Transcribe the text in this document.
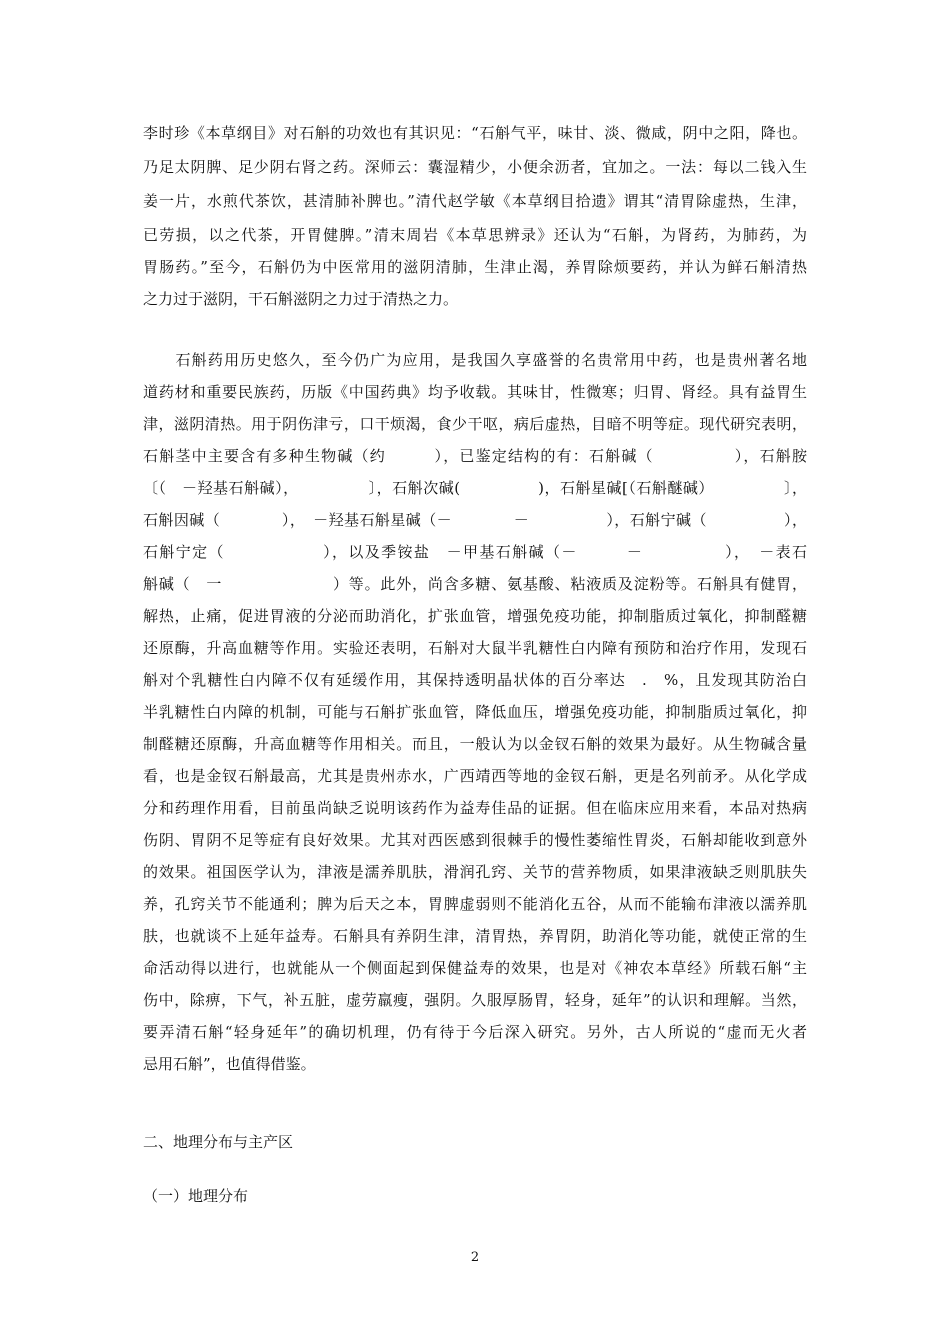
李时珍《本草纲目》对石斛的功效也有其识见：“石斛气平，味甘、淡、微咸，阴中之阳，降也。
乃足太阴脾、足少阴右肾之药。深师云：囊湿精少，小便余沥者，宜加之。一法：每以二钱入生
姜一片，水煎代茶饮，甚清肺补脾也。”清代赵学敏《本草纲目拾遗》谓其“清胃除虚热，生津，
已劳损，以之代茶，开胃健脾。”清末周岩《本草思辨录》还认为“石斛，为肾药，为肺药，为
胃肠药。”至今，石斛仍为中医常用的滋阴清肺，生津止渴，养胃除烦要药，并认为鲜石斛清热
之力过于滋阴，干石斛滋阴之力过于清热之力。
　　石斛药用历史悠久，至今仍广为应用，是我国久享盛誉的名贵常用中药，也是贵州著名地
道药材和重要民族药，历版《中国药典》均予收载。其味甘，性微寒；归胃、肾经。具有益胃生
津，滋阴清热。用于阴伤津亏，口干烦渴，食少干呕，病后虚热，目暗不明等症。现代研究表明，
石斛茎中主要含有多种生物碱（约　　　），已鉴定结构的有：石斛碱（　　　　　），石斛胺
〔（　－羟基石斛碱），　　　　　〕，石斛次碱(　　　　　)，石斛星碱[（石斛醚碱）　　　　　〕，
石斛因碱（　　　　），　－羟基石斛星碱（－　　　　－　　　　　），石斛宁碱（　　　　　），
石斛宁定（　　　　　　），以及季铵盐　－甲基石斛碱（－　　　－　　　　　），　－表石
斛碱（　一　　　　　　　）等。此外，尚含多糖、氨基酸、粘液质及淀粉等。石斛具有健胃，
解热，止痛，促进胃液的分泌而助消化，扩张血管，增强免疫功能，抑制脂质过氧化，抑制醛糖
还原酶，升高血糖等作用。实验还表明，石斛对大鼠半乳糖性白内障有预防和治疗作用，发现石
斛对个乳糖性白内障不仅有延缓作用，其保持透明晶状体的百分率达　.　%，且发现其防治白
半乳糖性白内障的机制，可能与石斛扩张血管，降低血压，增强免疫功能，抑制脂质过氧化，抑
制醛糖还原酶，升高血糖等作用相关。而且，一般认为以金钗石斛的效果为最好。从生物碱含量
看，也是金钗石斛最高，尤其是贵州赤水，广西靖西等地的金钗石斛，更是名列前矛。从化学成
分和药理作用看，目前虽尚缺乏说明该药作为益寿佳品的证据。但在临床应用来看，本品对热病
伤阴、胃阴不足等症有良好效果。尤其对西医感到很棘手的慢性萎缩性胃炎，石斛却能收到意外
的效果。祖国医学认为，津液是濡养肌肤，滑润孔窍、关节的营养物质，如果津液缺乏则肌肤失
养，孔窍关节不能通利；脾为后天之本，胃脾虚弱则不能消化五谷，从而不能输布津液以濡养肌
肤，也就谈不上延年益寿。石斛具有养阴生津，清胃热，养胃阴，助消化等功能，就使正常的生
命活动得以进行，也就能从一个侧面起到保健益寿的效果，也是对《神农本草经》所载石斛“主
伤中，除痹，下气，补五脏，虚劳羸瘦，强阴。久服厚肠胃，轻身，延年”的认识和理解。当然，
要弄清石斛“轻身延年”的确切机理，仍有待于今后深入研究。另外，古人所说的“虚而无火者
忌用石斛”，也值得借鉴。
二、地理分布与主产区
（一）地理分布
2
